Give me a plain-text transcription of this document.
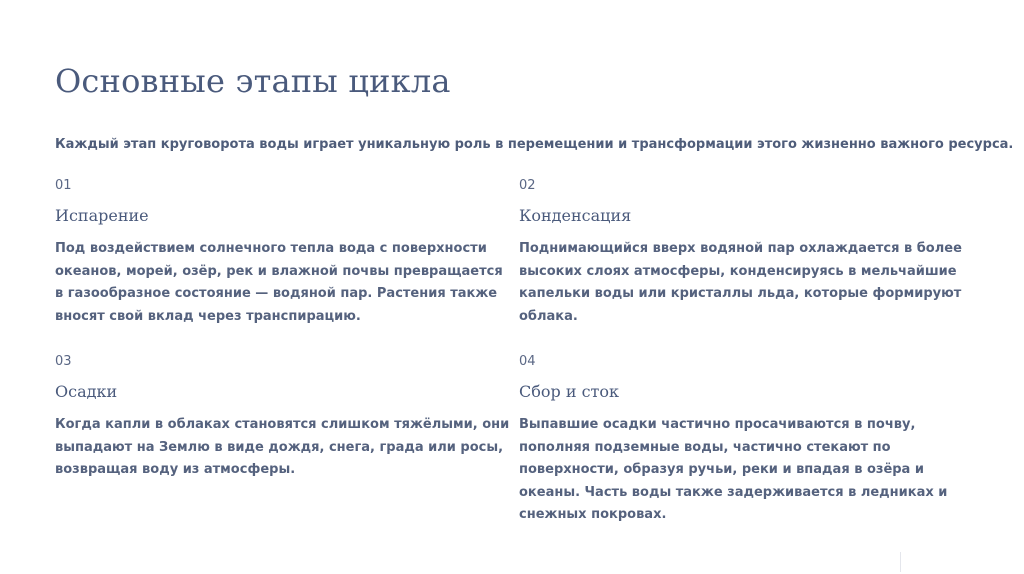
Основные этапы цикла

Каждый этап круговорота воды играет уникальную роль в перемещении и трансформации этого жизненно важного ресурса.

01
Испарение
Под воздействием солнечного тепла вода с поверхности океанов, морей, озёр, рек и влажной почвы превращается в газообразное состояние — водяной пар. Растения также вносят свой вклад через транспирацию.
02
Конденсация
Поднимающийся вверх водяной пар охлаждается в более высоких слоях атмосферы, конденсируясь в мельчайшие капельки воды или кристаллы льда, которые формируют облака.
03
Осадки
Когда капли в облаках становятся слишком тяжёлыми, они выпадают на Землю в виде дождя, снега, града или росы, возвращая воду из атмосферы.
04
Сбор и сток
Выпавшие осадки частично просачиваются в почву, пополняя подземные воды, частично стекают по поверхности, образуя ручьи, реки и впадая в озёра и океаны. Часть воды также задерживается в ледниках и снежных покровах.
